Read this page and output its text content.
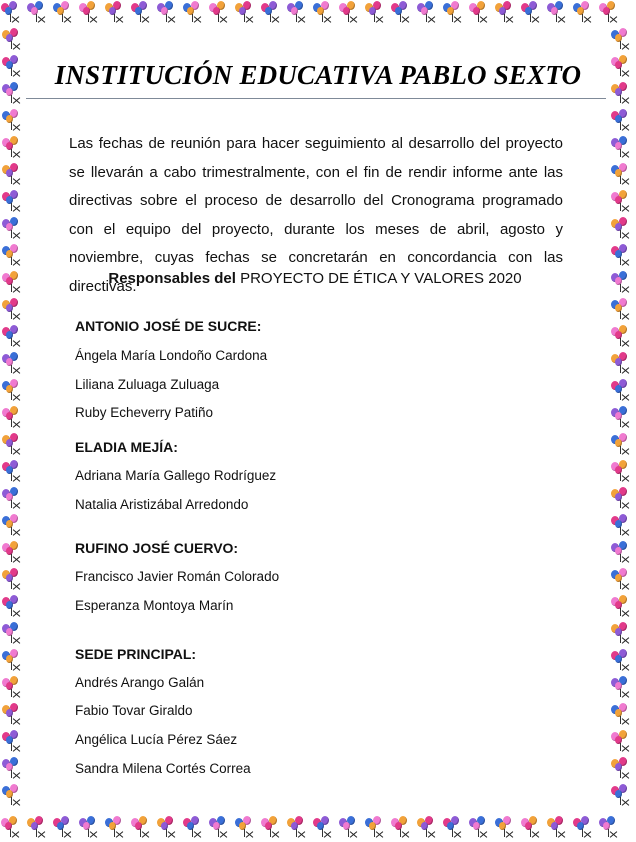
INSTITUCIÓN EDUCATIVA PABLO SEXTO
Las fechas de reunión para hacer seguimiento al desarrollo del proyecto se llevarán a cabo trimestralmente, con el fin de rendir informe ante las directivas sobre el proceso de desarrollo del Cronograma programado con el equipo del proyecto, durante los meses de abril, agosto y noviembre, cuyas fechas se concretarán en concordancia con las directivas.
Responsables del PROYECTO DE ÉTICA Y VALORES 2020
ANTONIO JOSÉ DE SUCRE:
Ángela María Londoño Cardona
Liliana Zuluaga Zuluaga
Ruby Echeverry Patiño
ELADIA MEJÍA:
Adriana María Gallego Rodríguez
Natalia Aristizábal Arredondo
RUFINO JOSÉ CUERVO:
Francisco Javier Román Colorado
Esperanza Montoya Marín
SEDE PRINCIPAL:
Andrés Arango Galán
Fabio Tovar Giraldo
Angélica Lucía Pérez Sáez
Sandra Milena Cortés Correa
